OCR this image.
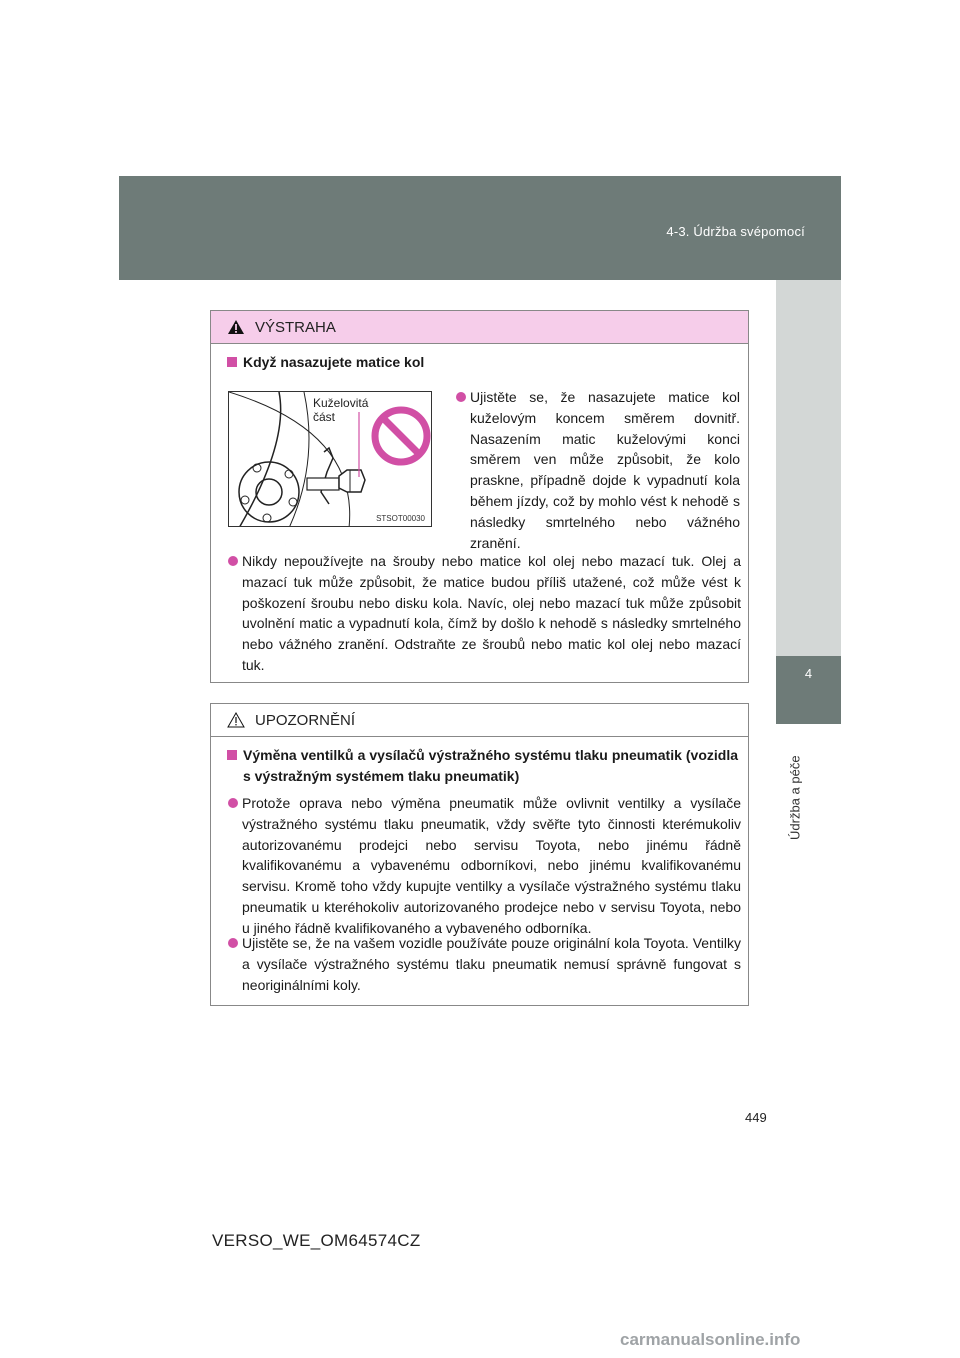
4-3. Údržba svépomocí
4
Údržba a péče
VÝSTRAHA
Když nasazujete matice kol
Kuželovitá
část
STSOT00030
Ujistěte se, že nasazujete matice kol kuželovým koncem směrem dovnitř. Nasazením matic kuželovými konci směrem ven může způsobit, že kolo praskne, případně dojde k vypadnutí kola během jízdy, což by mohlo vést k nehodě s následky smrtelného nebo vážného zranění.
Nikdy nepoužívejte na šrouby nebo matice kol olej nebo mazací tuk. Olej a mazací tuk může způsobit, že matice budou příliš utažené, což může vést k poškození šroubu nebo disku kola. Navíc, olej nebo mazací tuk může způsobit uvolnění matic a vypadnutí kola, čímž by došlo k nehodě s následky smrtelného nebo vážného zranění. Odstraňte ze šroubů nebo matic kol olej nebo mazací tuk.
UPOZORNĚNÍ
Výměna ventilků a vysílačů výstražného systému tlaku pneumatik (vozidla s výstražným systémem tlaku pneumatik)
Protože oprava nebo výměna pneumatik může ovlivnit ventilky a vysílače výstražného systému tlaku pneumatik, vždy svěřte tyto činnosti kterémukoliv autorizovanému prodejci nebo servisu Toyota, nebo jinému řádně kvalifikovanému a vybavenému odborníkovi, nebo jinému kvalifikovanému servisu. Kromě toho vždy kupujte ventilky a vysílače výstražného systému tlaku pneumatik u kteréhokoliv autorizovaného prodejce nebo v servisu Toyota, nebo u jiného řádně kvalifikovaného a vybaveného odborníka.
Ujistěte se, že na vašem vozidle používáte pouze originální kola Toyota. Ventilky a vysílače výstražného systému tlaku pneumatik nemusí správně fungovat s neoriginálními koly.
449
VERSO_WE_OM64574CZ
carmanualsonline.info
